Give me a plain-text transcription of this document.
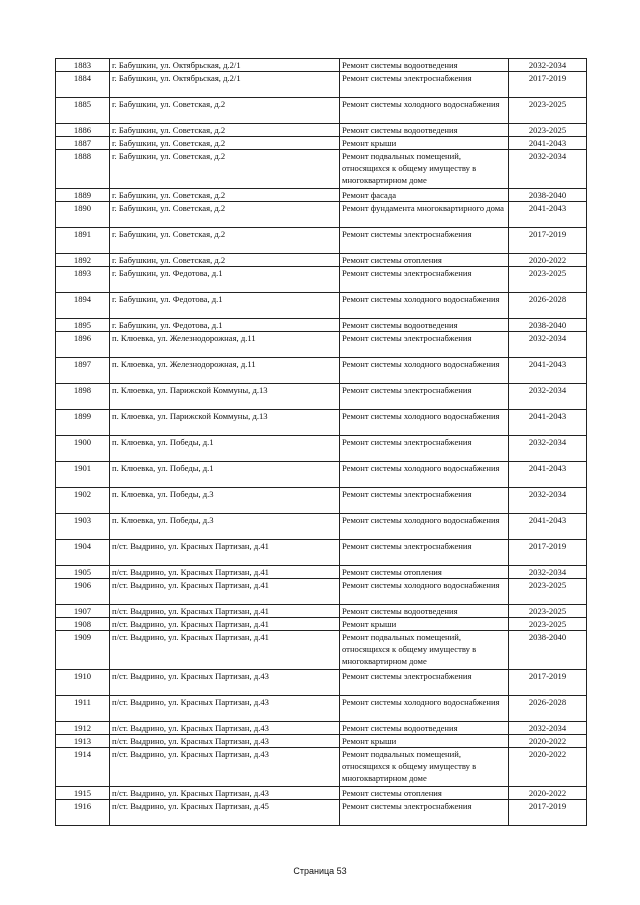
1883	г. Бабушкин, ул. Октябрьская, д.2/1	Ремонт системы водоотведения	2032-2034
1884	г. Бабушкин, ул. Октябрьская, д.2/1	Ремонт системы электроснабжения	2017-2019
1885	г. Бабушкин, ул. Советская, д.2	Ремонт системы холодного водоснабжения	2023-2025
1886	г. Бабушкин, ул. Советская, д.2	Ремонт системы водоотведения	2023-2025
1887	г. Бабушкин, ул. Советская, д.2	Ремонт крыши	2041-2043
1888	г. Бабушкин, ул. Советская, д.2	Ремонт подвальных помещений, относящихся к общему имуществу в многоквартирном доме	2032-2034
1889	г. Бабушкин, ул. Советская, д.2	Ремонт фасада	2038-2040
1890	г. Бабушкин, ул. Советская, д.2	Ремонт фундамента многоквартирного дома	2041-2043
1891	г. Бабушкин, ул. Советская, д.2	Ремонт системы электроснабжения	2017-2019
1892	г. Бабушкин, ул. Советская, д.2	Ремонт системы отопления	2020-2022
1893	г. Бабушкин, ул. Федотова, д.1	Ремонт системы электроснабжения	2023-2025
1894	г. Бабушкин, ул. Федотова, д.1	Ремонт системы холодного водоснабжения	2026-2028
1895	г. Бабушкин, ул. Федотова, д.1	Ремонт системы водоотведения	2038-2040
1896	п. Клюевка, ул. Железнодорожная, д.11	Ремонт системы электроснабжения	2032-2034
1897	п. Клюевка, ул. Железнодорожная, д.11	Ремонт системы холодного водоснабжения	2041-2043
1898	п. Клюевка, ул. Парижской Коммуны, д.13	Ремонт системы электроснабжения	2032-2034
1899	п. Клюевка, ул. Парижской Коммуны, д.13	Ремонт системы холодного водоснабжения	2041-2043
1900	п. Клюевка, ул. Победы, д.1	Ремонт системы электроснабжения	2032-2034
1901	п. Клюевка, ул. Победы, д.1	Ремонт системы холодного водоснабжения	2041-2043
1902	п. Клюевка, ул. Победы, д.3	Ремонт системы электроснабжения	2032-2034
1903	п. Клюевка, ул. Победы, д.3	Ремонт системы холодного водоснабжения	2041-2043
1904	п/ст. Выдрино, ул. Красных Партизан, д.41	Ремонт системы электроснабжения	2017-2019
1905	п/ст. Выдрино, ул. Красных Партизан, д.41	Ремонт системы отопления	2032-2034
1906	п/ст. Выдрино, ул. Красных Партизан, д.41	Ремонт системы холодного водоснабжения	2023-2025
1907	п/ст. Выдрино, ул. Красных Партизан, д.41	Ремонт системы водоотведения	2023-2025
1908	п/ст. Выдрино, ул. Красных Партизан, д.41	Ремонт крыши	2023-2025
1909	п/ст. Выдрино, ул. Красных Партизан, д.41	Ремонт подвальных помещений, относящихся к общему имуществу в многоквартирном доме	2038-2040
1910	п/ст. Выдрино, ул. Красных Партизан, д.43	Ремонт системы электроснабжения	2017-2019
1911	п/ст. Выдрино, ул. Красных Партизан, д.43	Ремонт системы холодного водоснабжения	2026-2028
1912	п/ст. Выдрино, ул. Красных Партизан, д.43	Ремонт системы водоотведения	2032-2034
1913	п/ст. Выдрино, ул. Красных Партизан, д.43	Ремонт крыши	2020-2022
1914	п/ст. Выдрино, ул. Красных Партизан, д.43	Ремонт подвальных помещений, относящихся к общему имуществу в многоквартирном доме	2020-2022
1915	п/ст. Выдрино, ул. Красных Партизан, д.43	Ремонт системы отопления	2020-2022
1916	п/ст. Выдрино, ул. Красных Партизан, д.45	Ремонт системы электроснабжения	2017-2019
Страница 53
